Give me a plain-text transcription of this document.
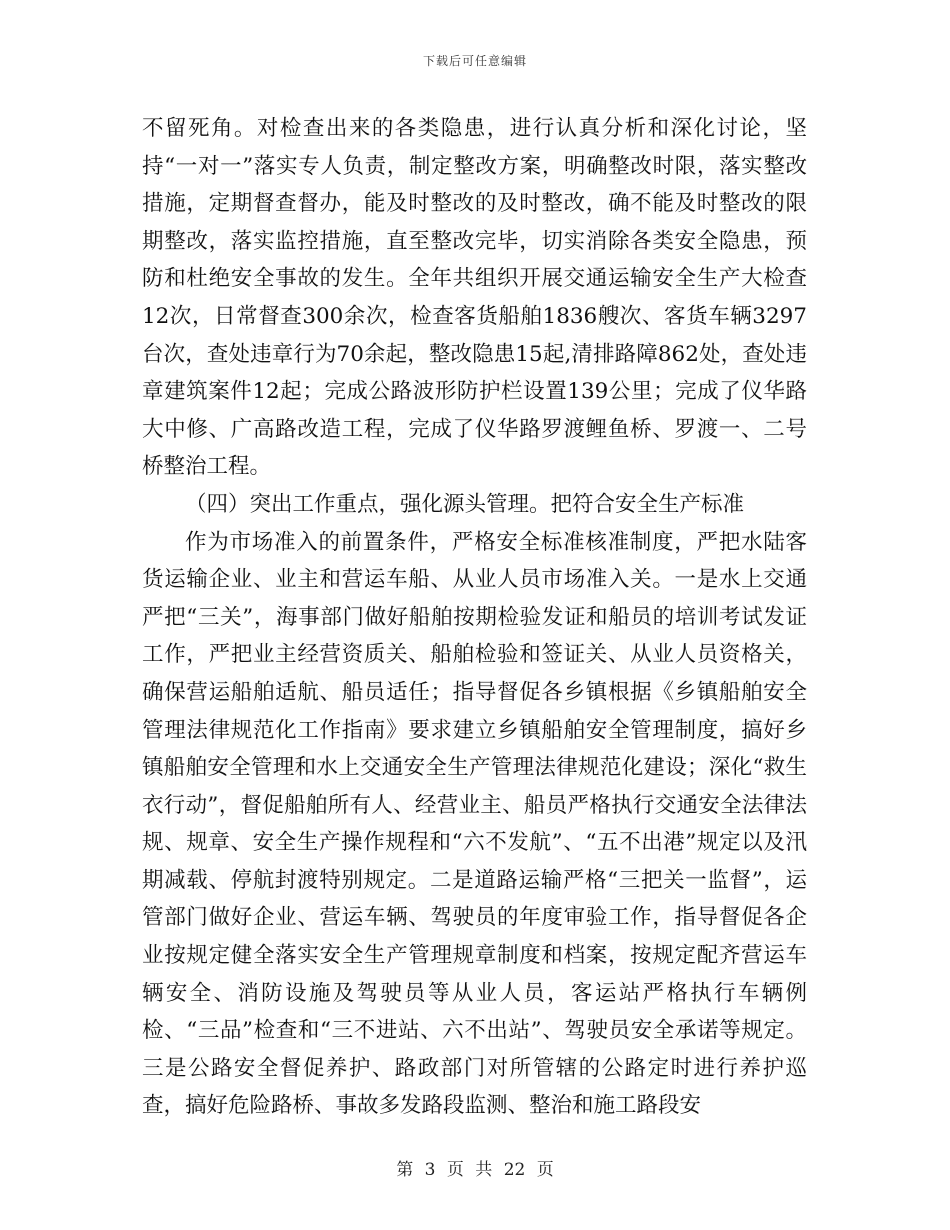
下载后可任意编辑

不留死角。对检查出来的各类隐患，进行认真分析和深化讨论，坚持“一对一”落实专人负责，制定整改方案，明确整改时限，落实整改措施，定期督查督办，能及时整改的及时整改，确不能及时整改的限期整改，落实监控措施，直至整改完毕，切实消除各类安全隐患，预防和杜绝安全事故的发生。全年共组织开展交通运输安全生产大检查12次，日常督查300余次，检查客货船舶1836艘次、客货车辆3297台次，查处违章行为70余起，整改隐患15起,清排路障862处，查处违章建筑案件12起；完成公路波形防护栏设置139公里；完成了仪华路大中修、广高路改造工程，完成了仪华路罗渡鲤鱼桥、罗渡一、二号桥整治工程。

（四）突出工作重点，强化源头管理。把符合安全生产标准

作为市场准入的前置条件，严格安全标准核准制度，严把水陆客货运输企业、业主和营运车船、从业人员市场准入关。一是水上交通严把“三关”，海事部门做好船舶按期检验发证和船员的培训考试发证工作，严把业主经营资质关、船舶检验和签证关、从业人员资格关，确保营运船舶适航、船员适任；指导督促各乡镇根据《乡镇船舶安全管理法律规范化工作指南》要求建立乡镇船舶安全管理制度，搞好乡镇船舶安全管理和水上交通安全生产管理法律规范化建设；深化“救生衣行动”，督促船舶所有人、经营业主、船员严格执行交通安全法律法规、规章、安全生产操作规程和“六不发航”、“五不出港”规定以及汛期减载、停航封渡特别规定。二是道路运输严格“三把关一监督”，运管部门做好企业、营运车辆、驾驶员的年度审验工作，指导督促各企业按规定健全落实安全生产管理规章制度和档案，按规定配齐营运车辆安全、消防设施及驾驶员等从业人员，客运站严格执行车辆例检、“三品”检查和“三不进站、六不出站”、驾驶员安全承诺等规定。三是公路安全督促养护、路政部门对所管辖的公路定时进行养护巡查，搞好危险路桥、事故多发路段监测、整治和施工路段安

第 3 页 共 22 页
